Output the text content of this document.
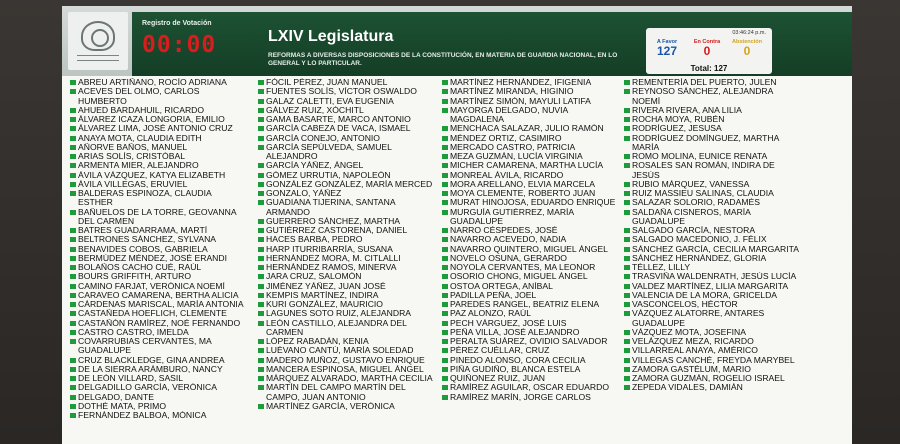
Registro de Votación
00:00	LXIV Legislatura
REFORMAS A DIVERSAS DISPOSICIONES DE LA CONSTITUCIÓN, EN MATERIA DE GUARDIA NACIONAL, EN LO GENERAL Y LO PARTICULAR.
03:46:24 p.m.
A Favor
127
En Contra
0
Abstención
0
Total: 127
ABREU ARTIÑANO, ROCÍO ADRIANA
ACEVES DEL OLMO, CARLOS
HUMBERTO
AHUED BARDAHUIL, RICARDO
ÁLVAREZ ICAZA LONGORIA, EMILIO
ÁLVAREZ LIMA, JOSÉ ANTONIO CRUZ
ANAYA MOTA, CLAUDIA EDITH
AÑORVE BAÑOS, MANUEL
ARIAS SOLÍS, CRISTÓBAL
ARMENTA MIER, ALEJANDRO
ÁVILA VÁZQUEZ, KATYA ELIZABETH
ÁVILA VILLEGAS, ERUVIEL
BALDERAS ESPINOZA, CLAUDIA
ESTHER
BAÑUELOS DE LA TORRE, GEOVANNA
DEL CARMEN
BATRES GUADARRAMA, MARTÍ
BELTRONES SÁNCHEZ, SYLVANA
BENAVIDES COBOS, GABRIELA
BERMÚDEZ MÉNDEZ, JOSÉ ERANDI
BOLAÑOS CACHO CUÉ, RAÚL
BOURS GRIFFITH, ARTURO
CAMINO FARJAT, VERÓNICA NOEMÍ
CARAVEO CAMARENA, BERTHA ALICIA
CÁRDENAS MARISCAL, MARÍA ANTONIA
CASTAÑEDA HOEFLICH, CLEMENTE
CASTAÑÓN RAMÍREZ, NOÉ FERNANDO
CASTRO CASTRO, IMELDA
COVARRUBIAS CERVANTES, MA
GUADALUPE
CRUZ BLACKLEDGE, GINA ANDREA
DE LA SIERRA ARÁMBURO, NANCY
DE LEÓN VILLARD, SASIL
DELGADILLO GARCÍA, VERÓNICA
DELGADO, DANTE
DOTHÉ MATA, PRIMO
FERNÁNDEZ BALBOA, MÓNICA
FÓCIL PÉREZ, JUAN MANUEL
FUENTES SOLÍS, VÍCTOR OSWALDO
GALAZ CALETTI, EVA EUGENIA
GÁLVEZ RUIZ, XÓCHITL
GAMA BASARTE, MARCO ANTONIO
GARCÍA CABEZA DE VACA, ISMAEL
GARCÍA CONEJO, ANTONIO
GARCÍA SEPÚLVEDA, SAMUEL
ALEJANDRO
GARCÍA YÁÑEZ, ÁNGEL
GÓMEZ URRUTIA, NAPOLEÓN
GONZÁLEZ GONZÁLEZ, MARÍA MERCED
GONZALO, YÁÑEZ
GUADIANA TIJERINA, SANTANA
ARMANDO
GUERRERO SÁNCHEZ, MARTHA
GUTIÉRREZ CASTORENA, DANIEL
HACES BARBA, PEDRO
HARP ITURRIBARRÍA, SUSANA
HERNÁNDEZ MORA, M. CITLALLI
HERNÁNDEZ RAMOS, MINERVA
JARA CRUZ, SALOMÓN
JIMÉNEZ YÁÑEZ, JUAN JOSÉ
KEMPIS MARTÍNEZ, INDIRA
KURI GONZÁLEZ, MAURICIO
LAGUNES SOTO RUIZ, ALEJANDRA
LEÓN CASTILLO, ALEJANDRA DEL
CARMEN
LÓPEZ RABADÁN, KENIA
LUÉVANO CANTÚ, MARÍA SOLEDAD
MADERO MUÑOZ, GUSTAVO ENRIQUE
MANCERA ESPINOSA, MIGUEL ÁNGEL
MÁRQUEZ ALVARADO, MARTHA CECILIA
MARTÍN DEL CAMPO MARTÍN DEL
CAMPO, JUAN ANTONIO
MARTÍNEZ GARCÍA, VERÓNICA
MARTÍNEZ HERNÁNDEZ, IFIGENIA
MARTÍNEZ MIRANDA, HIGINIO
MARTÍNEZ SIMÓN, MAYULI LATIFA
MAYORGA DELGADO, NUVIA
MAGDALENA
MENCHACA SALAZAR, JULIO RAMÓN
MÉNDEZ ORTIZ, CASIMIRO
MERCADO CASTRO, PATRICIA
MEZA GUZMÁN, LUCÍA VIRGINIA
MICHER CAMARENA, MARTHA LUCÍA
MONREAL ÁVILA, RICARDO
MORA ARELLANO, ELVIA MARCELA
MOYA CLEMENTE, ROBERTO JUAN
MURAT HINOJOSA, EDUARDO ENRIQUE
MURGUÍA GUTIÉRREZ, MARÍA
GUADALUPE
NARRO CÉSPEDES, JOSÉ
NAVARRO ACEVEDO, NADIA
NAVARRO QUINTERO, MIGUEL ÁNGEL
NOVELO OSUNA, GERARDO
NOYOLA CERVANTES, MA LEONOR
OSORIO CHONG, MIGUEL ÁNGEL
OSTOA ORTEGA, ANÍBAL
PADILLA PEÑA, JOEL
PAREDES RANGEL, BEATRIZ ELENA
PAZ ALONZO, RAÚL
PECH VÁRGUEZ, JOSÉ LUIS
PEÑA VILLA, JOSÉ ALEJANDRO
PERALTA SUÁREZ, OVIDIO SALVADOR
PÉREZ CUÉLLAR, CRUZ
PINEDO ALONSO, CORA CECILIA
PIÑA GUDIÑO, BLANCA ESTELA
QUIÑONEZ RUIZ, JUAN
RAMÍREZ AGUILAR, OSCAR EDUARDO
RAMÍREZ MARÍN, JORGE CARLOS
REMENTERÍA DEL PUERTO, JULEN
REYNOSO SÁNCHEZ, ALEJANDRA
NOEMÍ
RIVERA RIVERA, ANA LILIA
ROCHA MOYA, RUBÉN
RODRÍGUEZ, JESUSA
RODRÍGUEZ DOMÍNGUEZ, MARTHA
MARÍA
ROMO MOLINA, EUNICE RENATA
ROSALES SAN ROMÁN, INDIRA DE
JESÚS
RUBIO MÁRQUEZ, VANESSA
RUIZ MASSIEU SALINAS, CLAUDIA
SALAZAR SOLORIO, RADAMÉS
SALDAÑA CISNEROS, MARÍA
GUADALUPE
SALGADO GARCÍA, NESTORA
SALGADO MACEDONIO, J. FÉLIX
SÁNCHEZ GARCÍA, CECILIA MARGARITA
SÁNCHEZ HERNÁNDEZ, GLORIA
TÉLLEZ, LILLY
TRASVIÑA WALDENRATH, JESÚS LUCÍA
VALDEZ MARTÍNEZ, LILIA MARGARITA
VALENCIA DE LA MORA, GRICELDA
VASCONCELOS, HÉCTOR
VÁZQUEZ ALATORRE, ANTARES
GUADALUPE
VÁZQUEZ MOTA, JOSEFINA
VELÁZQUEZ MEZA, RICARDO
VILLARREAL ANAYA, AMÉRICO
VILLEGAS CANCHÉ, FREYDA MARYBEL
ZAMORA GASTÉLUM, MARIO
ZAMORA GUZMÁN, ROGELIO ISRAEL
ZEPEDA VIDALES, DAMIÁN
